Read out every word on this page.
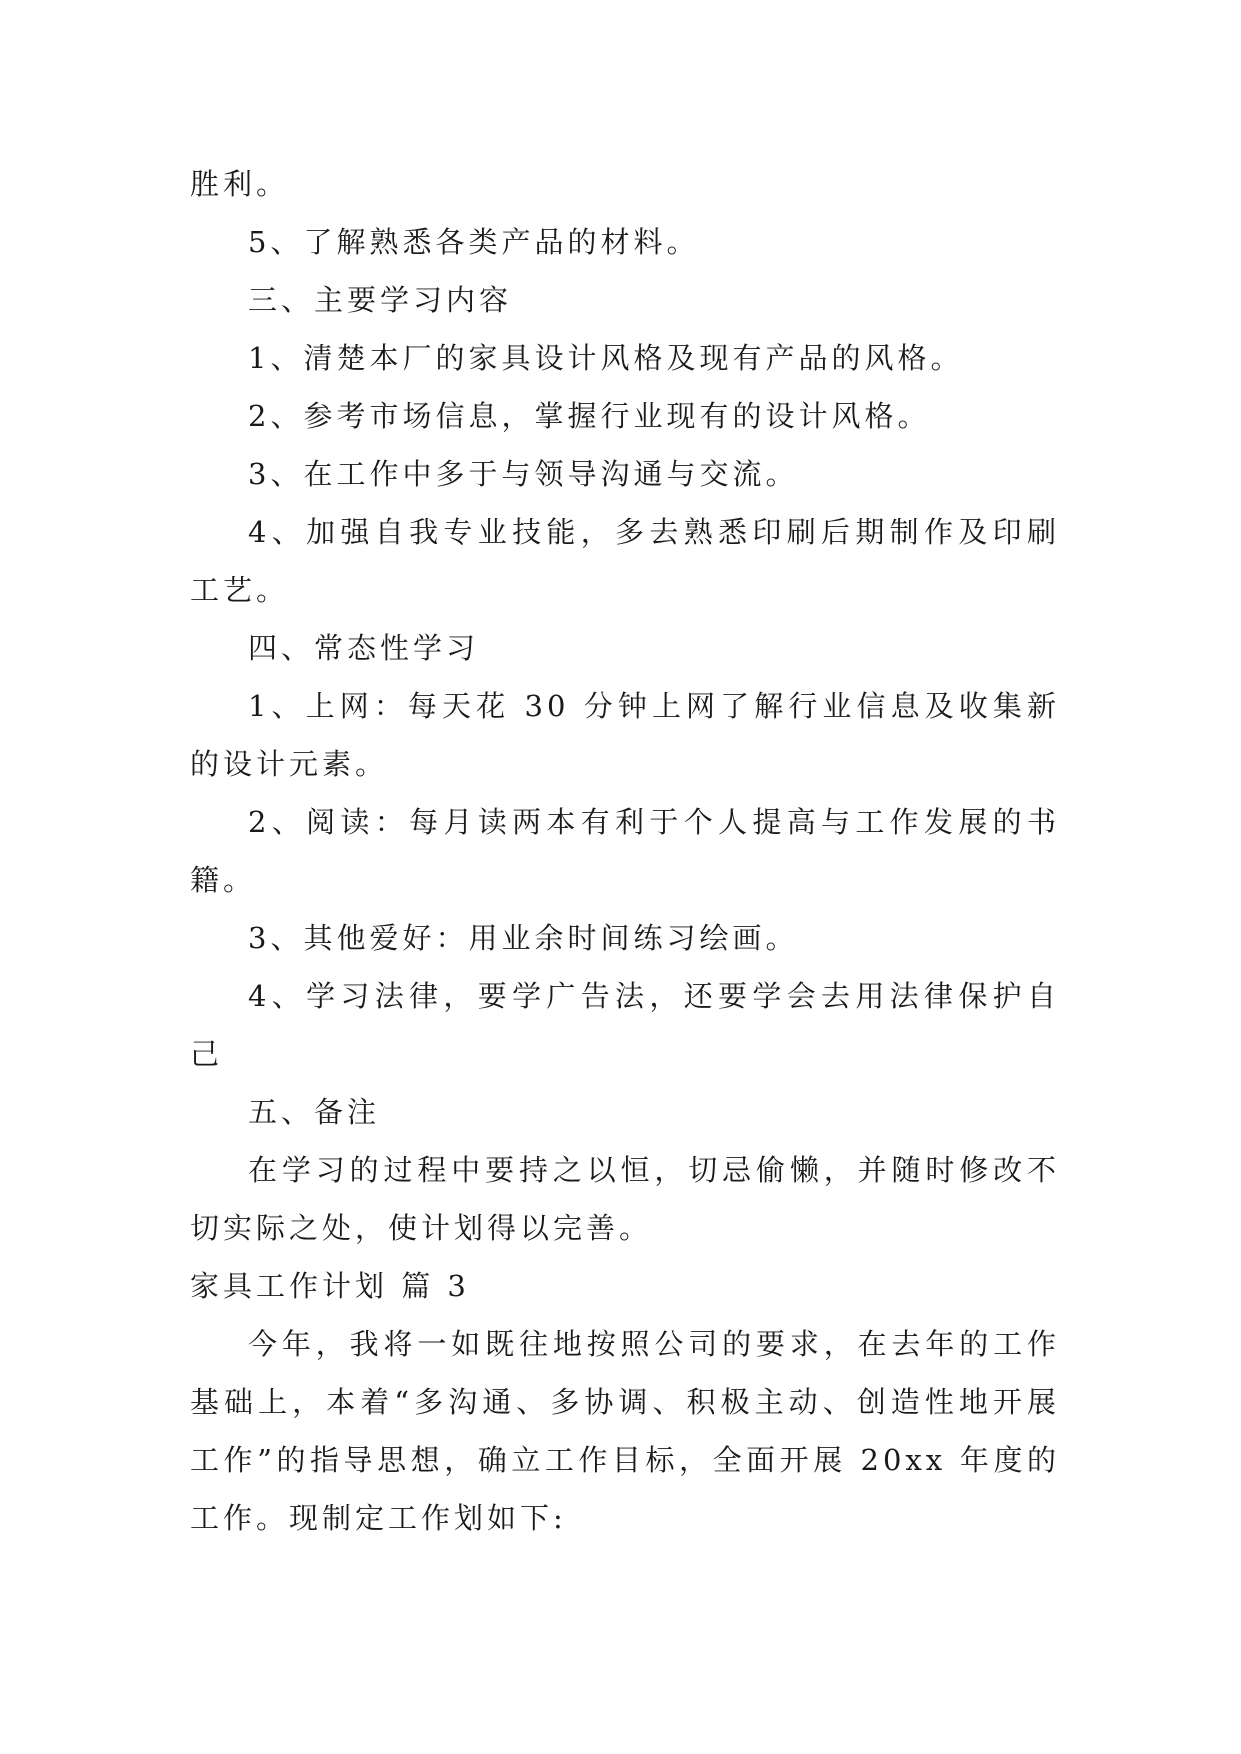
胜利。

5、了解熟悉各类产品的材料。

三、主要学习内容

1、清楚本厂的家具设计风格及现有产品的风格。

2、参考市场信息，掌握行业现有的设计风格。

3、在工作中多于与领导沟通与交流。

4、加强自我专业技能，多去熟悉印刷后期制作及印刷工艺。

四、常态性学习

1、上网：每天花 30 分钟上网了解行业信息及收集新的设计元素。

2、阅读：每月读两本有利于个人提高与工作发展的书籍。

3、其他爱好：用业余时间练习绘画。

4、学习法律，要学广告法，还要学会去用法律保护自己

五、备注

在学习的过程中要持之以恒，切忌偷懒，并随时修改不切实际之处，使计划得以完善。

家具工作计划 篇 3

今年，我将一如既往地按照公司的要求，在去年的工作基础上，本着“多沟通、多协调、积极主动、创造性地开展工作”的指导思想，确立工作目标，全面开展 20xx 年度的工作。现制定工作划如下:
